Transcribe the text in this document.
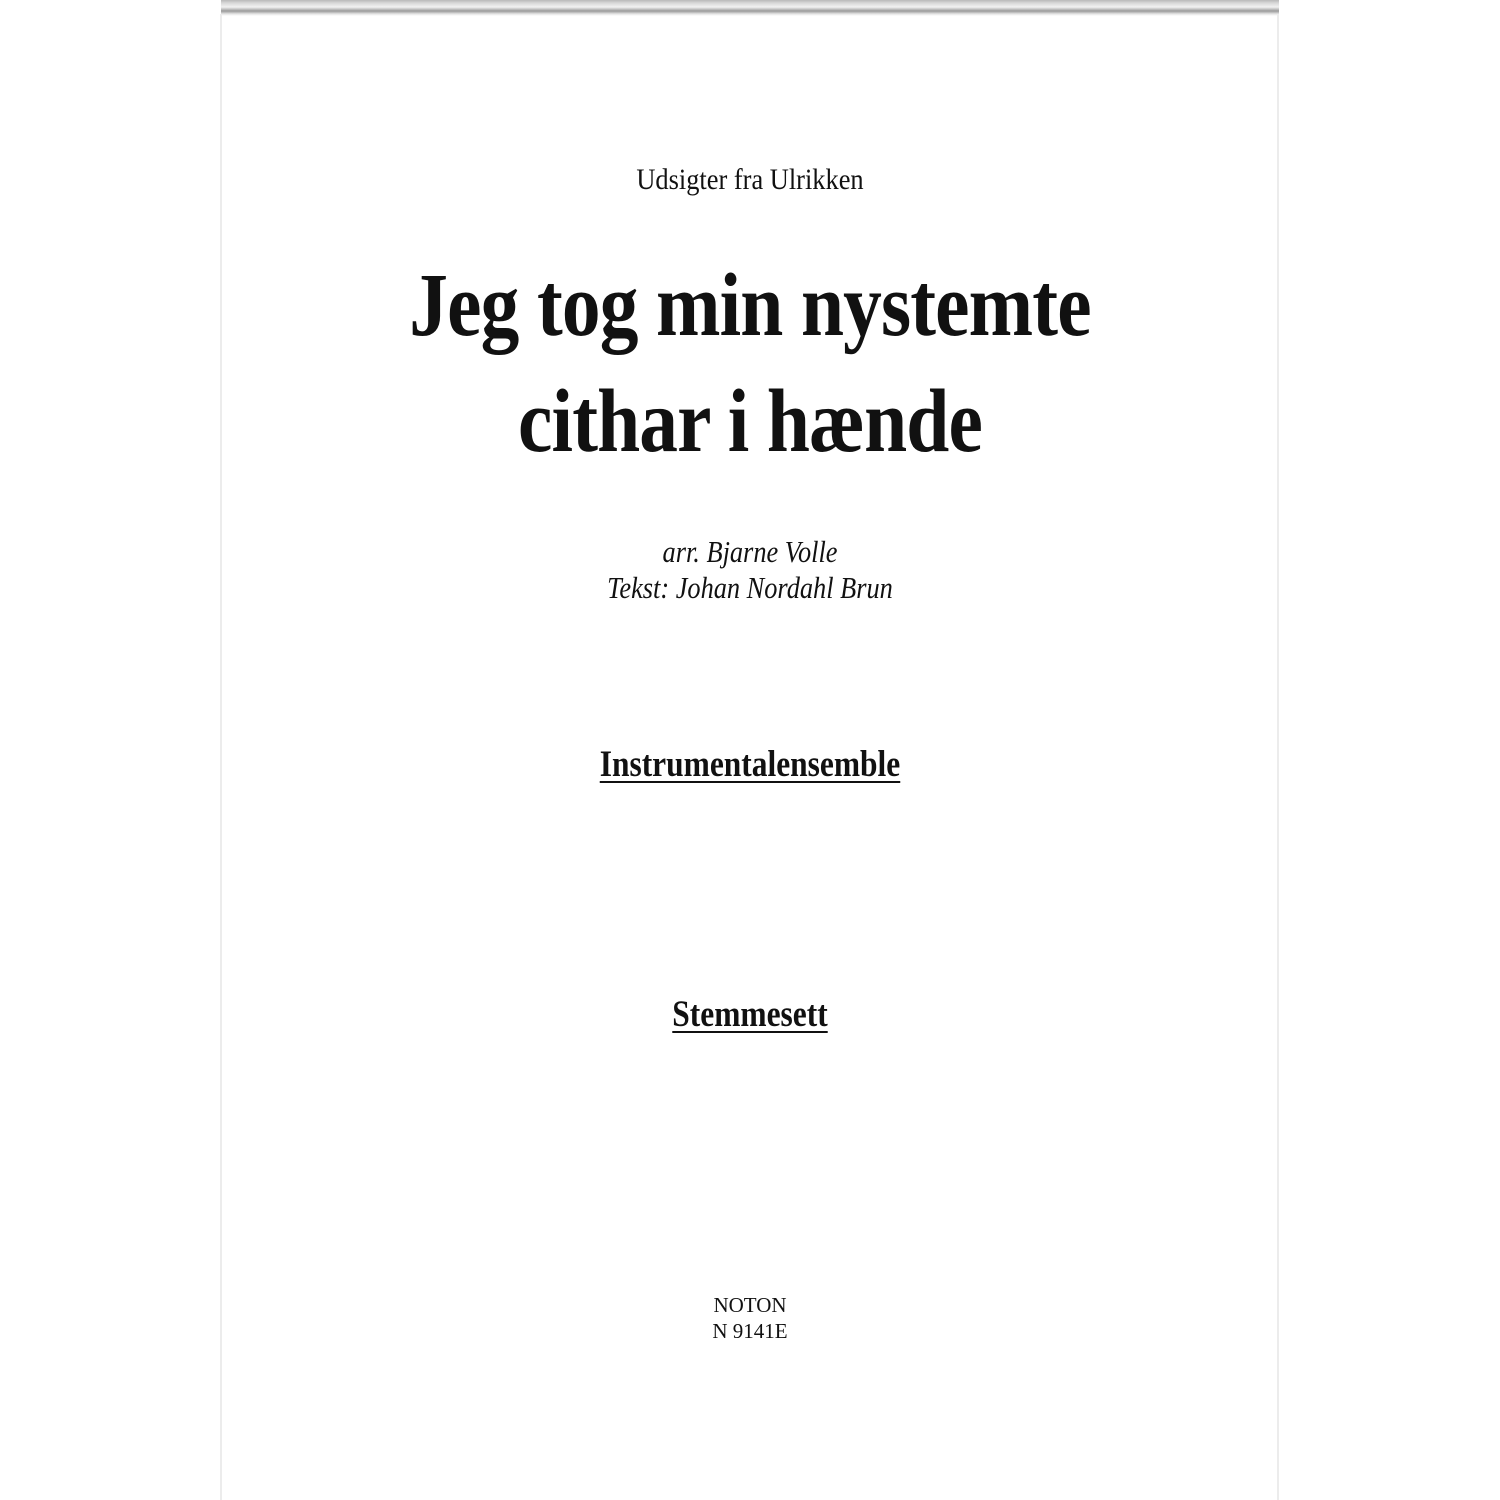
Udsigter fra Ulrikken

Jeg tog min nystemte
cithar i hænde
arr. Bjarne Volle
Tekst: Johan Nordahl Brun
Instrumentalensemble
Stemmesett
NOTON
N 9141E
